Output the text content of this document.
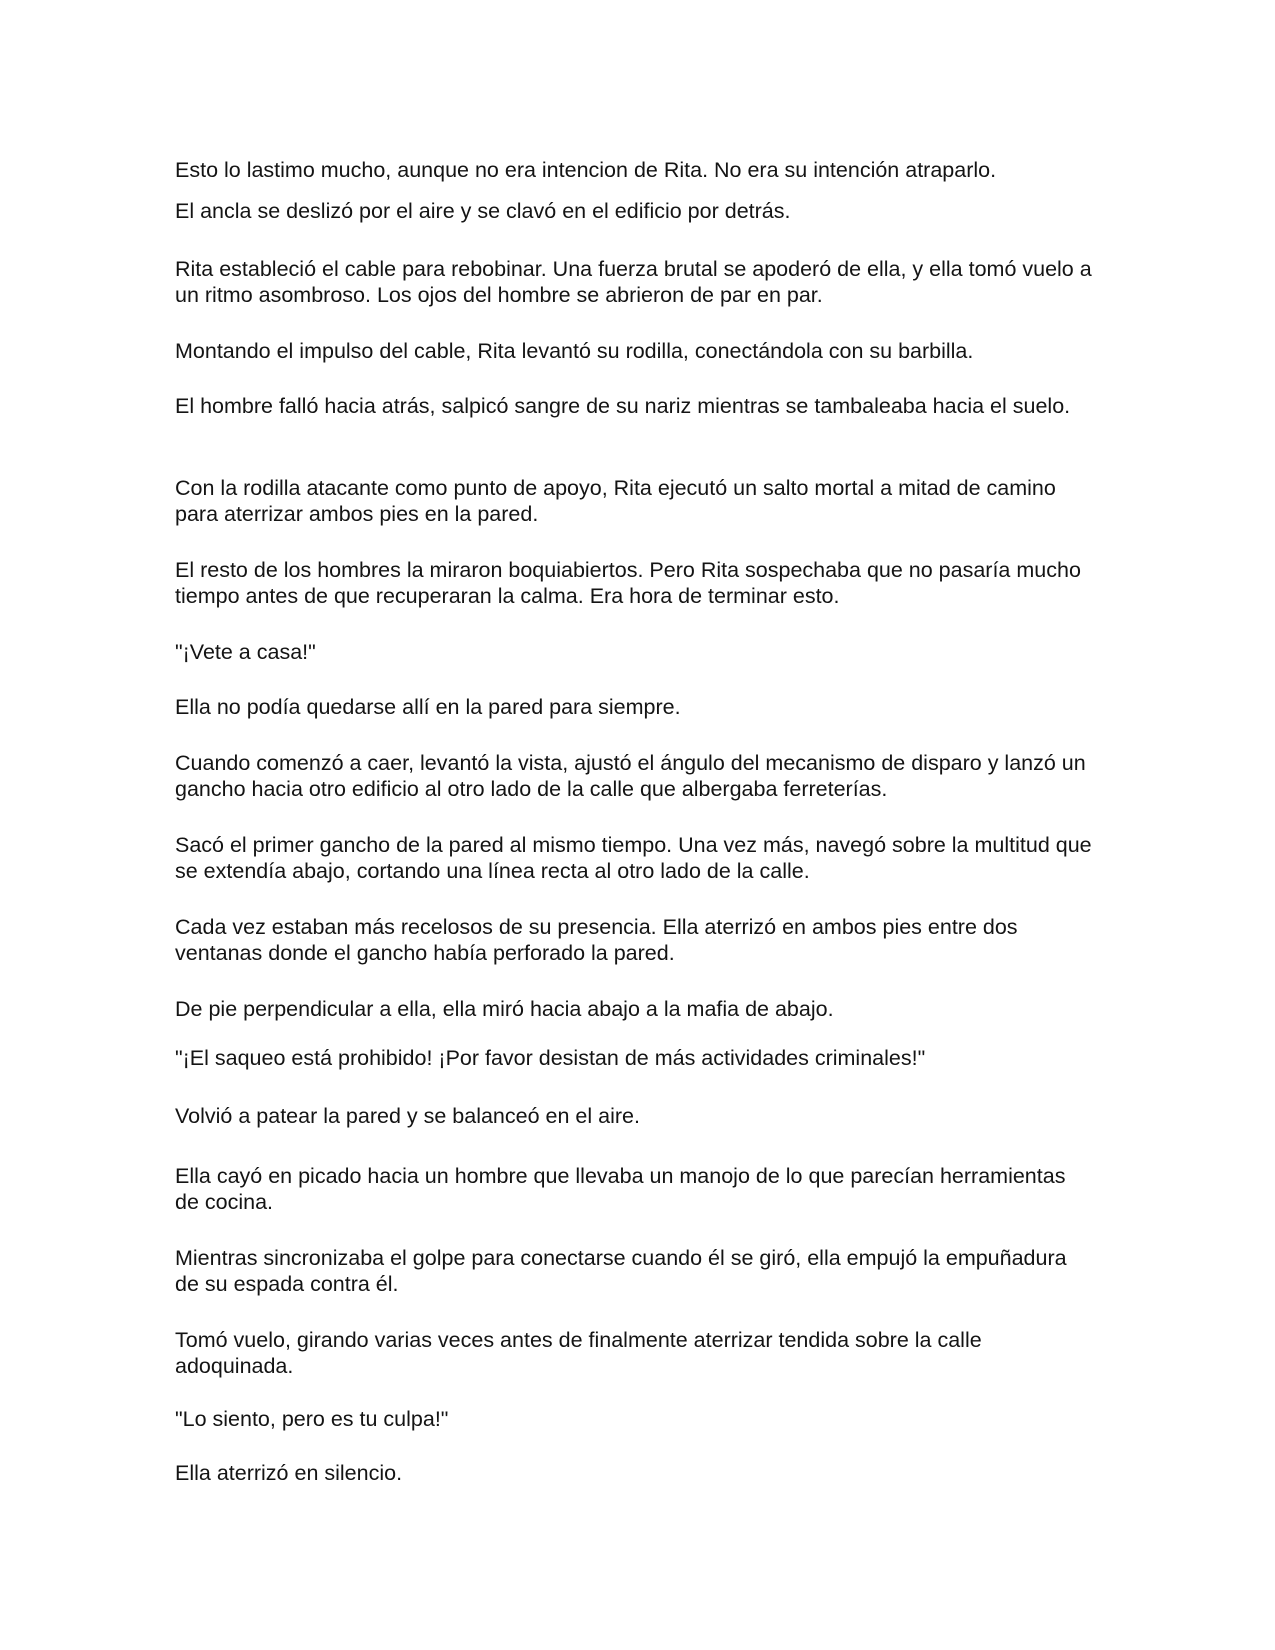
Esto lo lastimo mucho, aunque no era intencion de Rita. No era su intención atraparlo.

El ancla se deslizó por el aire y se clavó en el edificio por detrás.

Rita estableció el cable para rebobinar. Una fuerza brutal se apoderó de ella, y ella tomó vuelo a un ritmo asombroso. Los ojos del hombre se abrieron de par en par.

Montando el impulso del cable, Rita levantó su rodilla, conectándola con su barbilla.

El hombre falló hacia atrás, salpicó sangre de su nariz mientras se tambaleaba hacia el suelo.

Con la rodilla atacante como punto de apoyo, Rita ejecutó un salto mortal a mitad de camino para aterrizar ambos pies en la pared.

El resto de los hombres la miraron boquiabiertos. Pero Rita sospechaba que no pasaría mucho tiempo antes de que recuperaran la calma. Era hora de terminar esto.

"¡Vete a casa!"

Ella no podía quedarse allí en la pared para siempre.

Cuando comenzó a caer, levantó la vista, ajustó el ángulo del mecanismo de disparo y lanzó un gancho hacia otro edificio al otro lado de la calle que albergaba ferreterías.

Sacó el primer gancho de la pared al mismo tiempo. Una vez más, navegó sobre la multitud que se extendía abajo, cortando una línea recta al otro lado de la calle.

Cada vez estaban más recelosos de su presencia. Ella aterrizó en ambos pies entre dos ventanas donde el gancho había perforado la pared.

De pie perpendicular a ella, ella miró hacia abajo a la mafia de abajo.

"¡El saqueo está prohibido! ¡Por favor desistan de más actividades criminales!"

Volvió a patear la pared y se balanceó en el aire.

Ella cayó en picado hacia un hombre que llevaba un manojo de lo que parecían herramientas de cocina.

Mientras sincronizaba el golpe para conectarse cuando él se giró, ella empujó la empuñadura de su espada contra él.

Tomó vuelo, girando varias veces antes de finalmente aterrizar tendida sobre la calle adoquinada.

"Lo siento, pero es tu culpa!"

Ella aterrizó en silencio.
